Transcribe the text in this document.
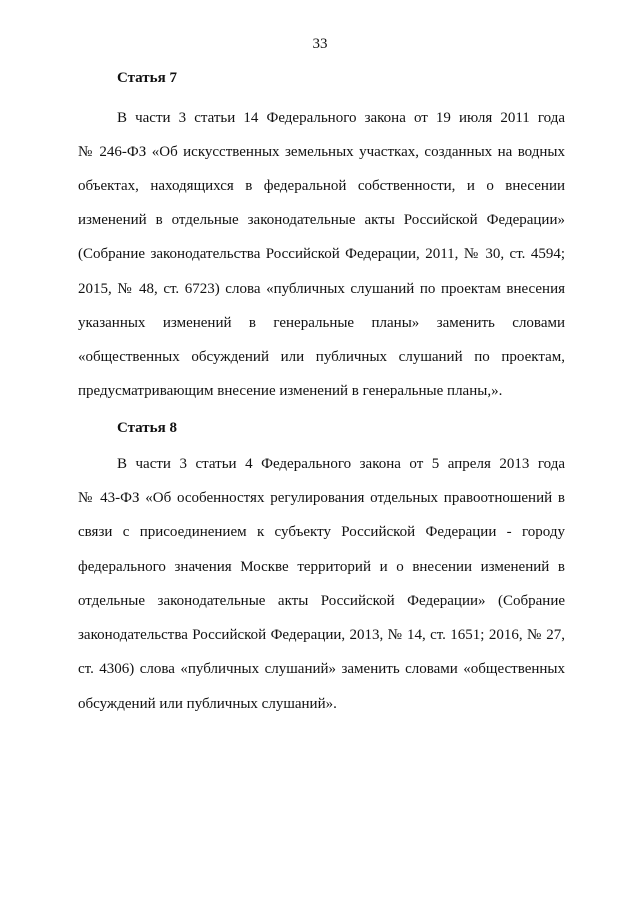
33
Статья 7
В части 3 статьи 14 Федерального закона от 19 июля 2011 года
№ 246-ФЗ «Об искусственных земельных участках, созданных на водных
объектах, находящихся в федеральной собственности, и о внесении
изменений в отдельные законодательные акты Российской Федерации»
(Собрание законодательства Российской Федерации, 2011, № 30, ст. 4594;
2015, № 48, ст. 6723) слова «публичных слушаний по проектам внесения
указанных изменений в генеральные планы» заменить словами
«общественных обсуждений или публичных слушаний по проектам,
предусматривающим внесение изменений в генеральные планы,».
Статья 8
В части 3 статьи 4 Федерального закона от 5 апреля 2013 года
№ 43-ФЗ «Об особенностях регулирования отдельных правоотношений в
связи с присоединением к субъекту Российской Федерации - городу
федерального значения Москве территорий и о внесении изменений в
отдельные законодательные акты Российской Федерации» (Собрание
законодательства Российской Федерации, 2013, № 14, ст. 1651; 2016, № 27,
ст. 4306) слова «публичных слушаний» заменить словами «общественных
обсуждений или публичных слушаний».
